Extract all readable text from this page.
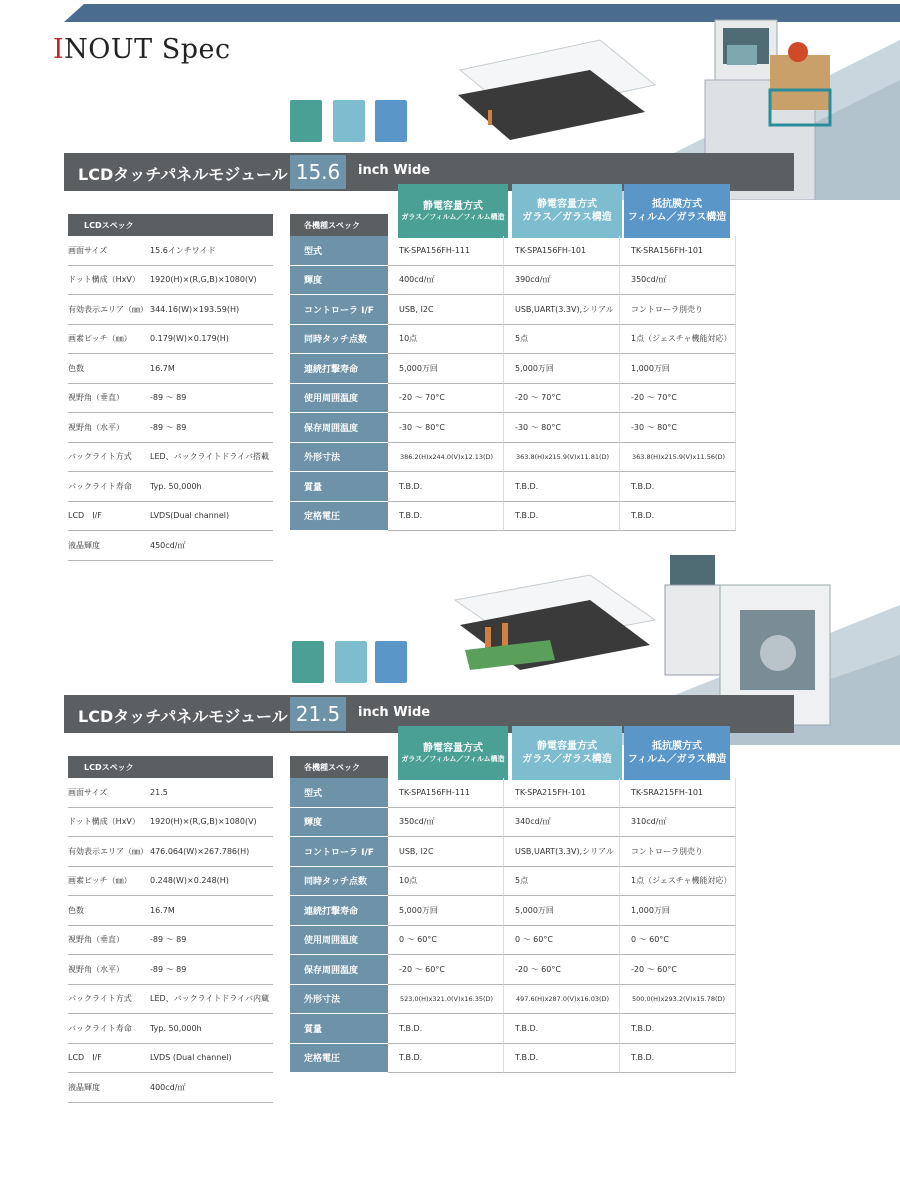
INOUT Spec
LCDタッチパネルモジュール 15.6	inch Wide
静電容量方式
ガラス／フィルム／フィルム構造
静電容量方式
ガラス／ガラス構造
抵抗膜方式
フィルム／ガラス構造
LCDスペック
画面サイズ	15.6インチワイド
ドット構成（HxV）	1920(H)×(R,G,B)×1080(V)
有効表示エリア（㎜） 344.16(W)×193.59(H)
画素ピッチ（㎜）	0.179(W)×0.179(H)
色数	16.7M
視野角（垂直）	-89 ～ 89
視野角（水平）	-89 ～ 89
バックライト方式	LED、バックライトドライバ搭載
バックライト寿命	Typ. 50,000h
LCD　I/F	LVDS(Dual channel)
液晶輝度	450cd/㎡
各機種スペック
型式	TK-SPA156FH-111	TK-SPA156FH-101	TK-SRA156FH-101
輝度	400cd/㎡	390cd/㎡	350cd/㎡
コントローラ I/F	USB, I2C	USB,UART(3.3V),シリアル	コントローラ別売り
同時タッチ点数	10点	5点	1点（ジェスチャ機能対応）
連続打撃寿命	5,000万回	5,000万回	1,000万回
使用周囲温度	-20 ～ 70°C	-20 ～ 70°C	-20 ～ 70°C
保存周囲温度	-30 ～ 80°C	-30 ～ 80°C	-30 ～ 80°C
外形寸法	386.2(H)x244.0(V)x12.13(D)	363.8(H)x215.9(V)x11.81(D)	363.8(H)x215.9(V)x11.56(D)
質量	T.B.D.	T.B.D.	T.B.D.
定格電圧	T.B.D.	T.B.D.	T.B.D.
LCDタッチパネルモジュール 21.5	inch Wide
静電容量方式
ガラス／フィルム／フィルム構造
静電容量方式
ガラス／ガラス構造
抵抗膜方式
フィルム／ガラス構造
LCDスペック
画面サイズ	21.5
ドット構成（HxV）	1920(H)×(R,G,B)×1080(V)
有効表示エリア（㎜） 476.064(W)×267.786(H)
画素ピッチ（㎜）	0.248(W)×0.248(H)
色数	16.7M
視野角（垂直）	-89 ～ 89
視野角（水平）	-89 ～ 89
バックライト方式	LED、バックライトドライバ内蔵
バックライト寿命	Typ. 50,000h
LCD　I/F	LVDS (Dual channel)
液晶輝度	400cd/㎡
各機種スペック
型式	TK-SPA156FH-111	TK-SPA215FH-101	TK-SRA215FH-101
輝度	350cd/㎡	340cd/㎡	310cd/㎡
コントローラ I/F	USB, I2C	USB,UART(3.3V),シリアル	コントローラ別売り
同時タッチ点数	10点	5点	1点（ジェスチャ機能対応）
連続打撃寿命	5,000万回	5,000万回	1,000万回
使用周囲温度	0 ～ 60°C	0 ～ 60°C	0 ～ 60°C
保存周囲温度	-20 ～ 60°C	-20 ～ 60°C	-20 ～ 60°C
外形寸法	523.0(H)x321.0(V)x16.35(D)	497.6(H)x287.0(V)x16.03(D)	500.0(H)x293.2(V)x15.78(D)
質量	T.B.D.	T.B.D.	T.B.D.
定格電圧	T.B.D.	T.B.D.	T.B.D.
